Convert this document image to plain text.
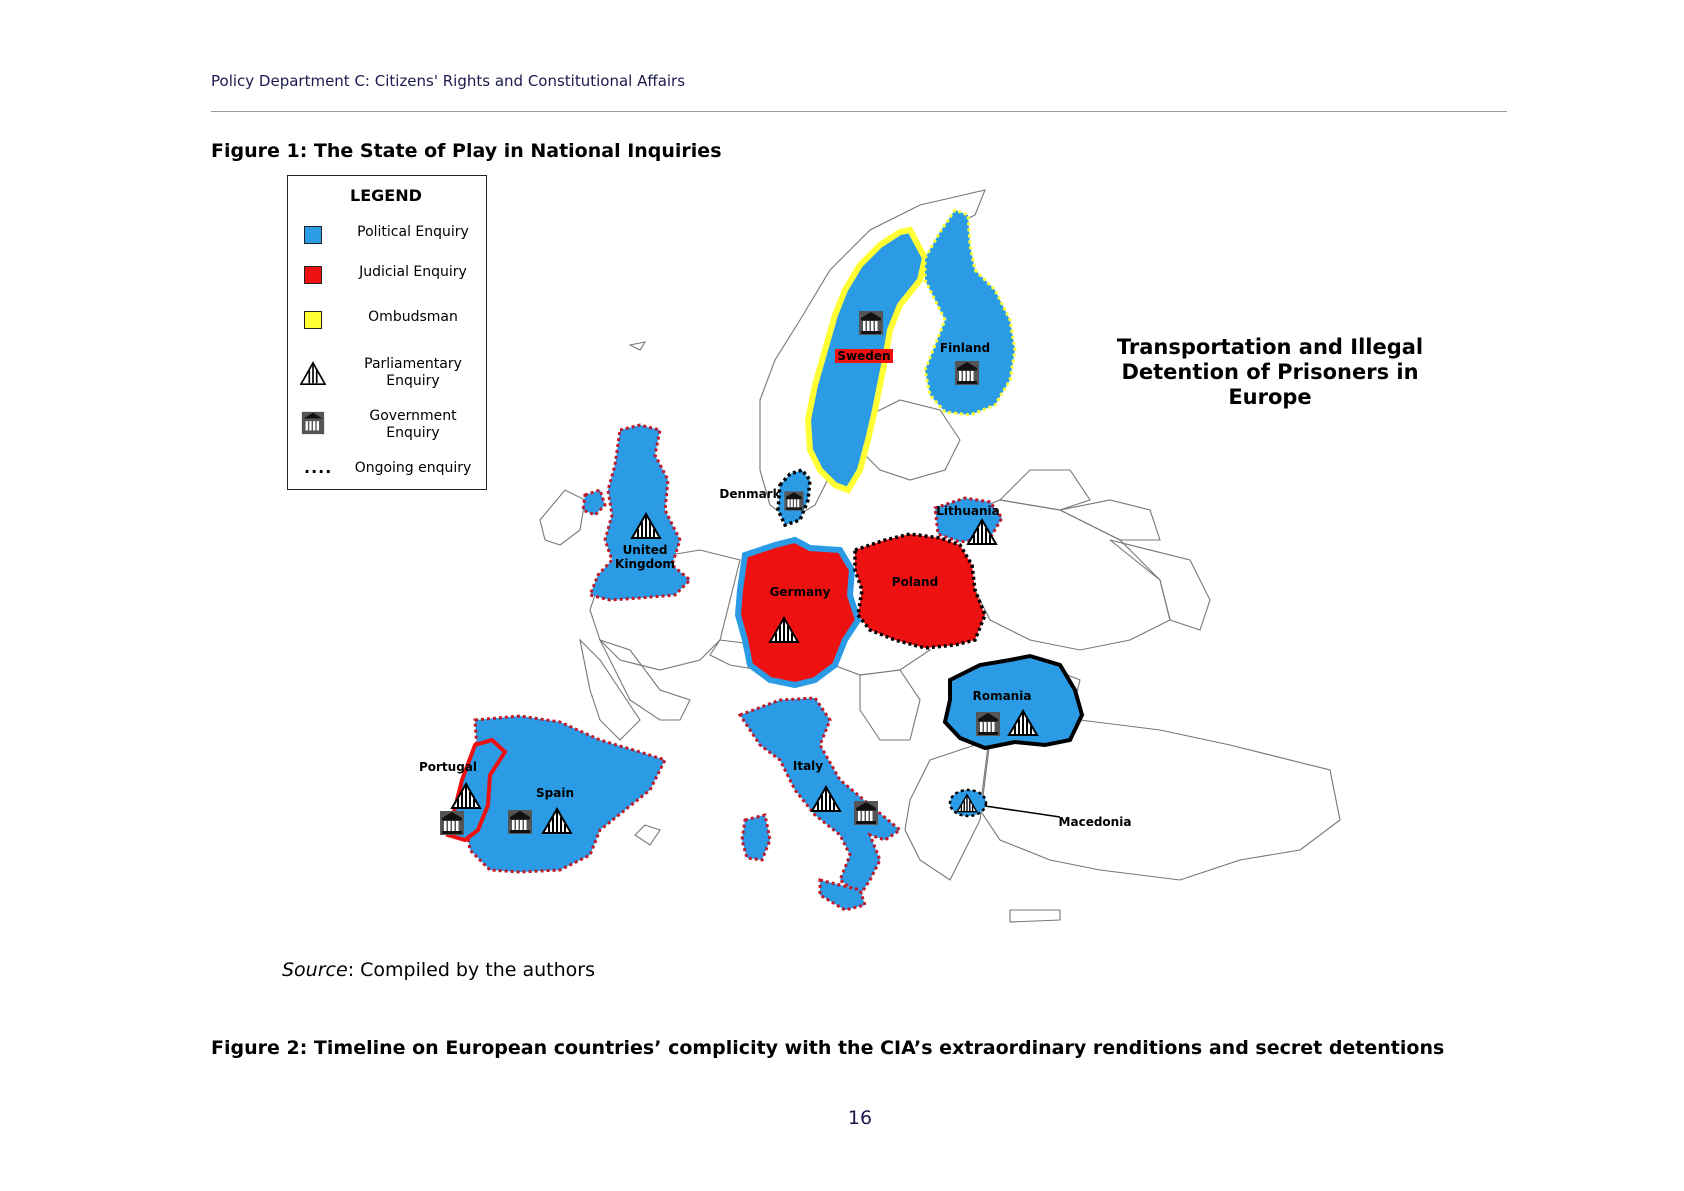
Policy Department C: Citizens' Rights and Constitutional Affairs
Figure 1: The State of Play in National Inquiries
Sweden
Finland
Denmark
Lithuania
United
Kingdom
Germany
Poland
Romania
Spain
Portugal	Italy
Macedonia
LEGEND
Political Enquiry
Judicial Enquiry
Ombudsman
Parliamentary
Enquiry
Government
Enquiry
....	Ongoing enquiry
Transportation and Illegal
Detention of Prisoners in
Europe
Source: Compiled by the authors
Figure 2: Timeline on European countries’ complicity with the CIA’s extraordinary renditions and secret detentions
16
